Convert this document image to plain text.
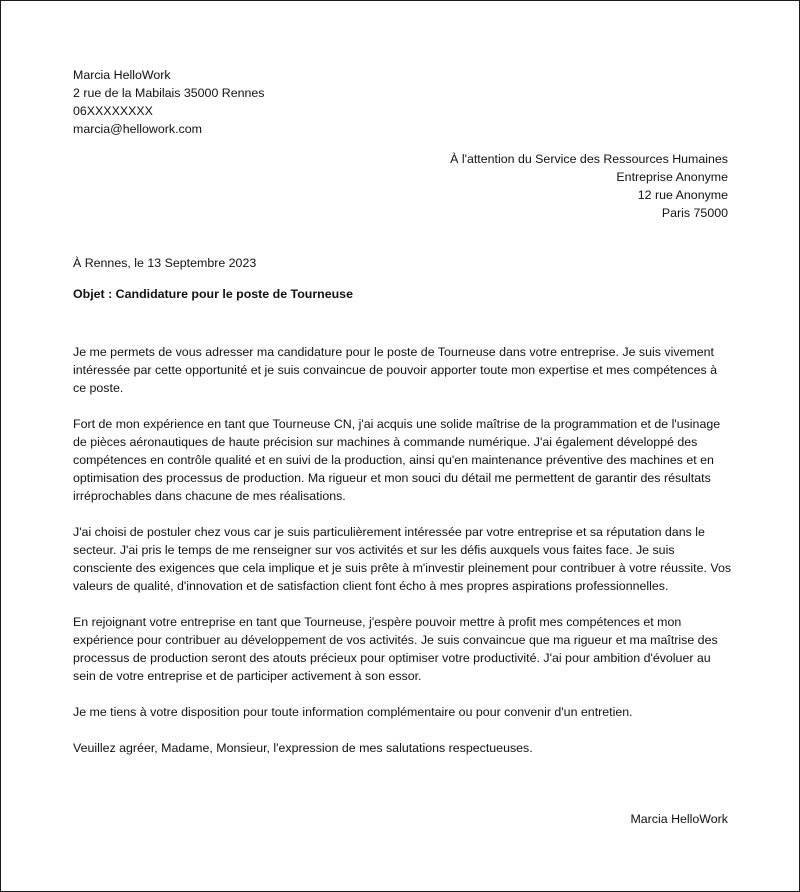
Marcia HelloWork
2 rue de la Mabilais 35000 Rennes
06XXXXXXXX
marcia@hellowork.com
À l'attention du Service des Ressources Humaines
Entreprise Anonyme
12 rue Anonyme
Paris 75000
À Rennes, le 13 Septembre 2023
Objet : Candidature pour le poste de Tourneuse

Je me permets de vous adresser ma candidature pour le poste de Tourneuse dans votre entreprise. Je suis vivement intéressée par cette opportunité et je suis convaincue de pouvoir apporter toute mon expertise et mes compétences à ce poste.

Fort de mon expérience en tant que Tourneuse CN, j'ai acquis une solide maîtrise de la programmation et de l'usinage de pièces aéronautiques de haute précision sur machines à commande numérique. J'ai également développé des compétences en contrôle qualité et en suivi de la production, ainsi qu'en maintenance préventive des machines et en optimisation des processus de production. Ma rigueur et mon souci du détail me permettent de garantir des résultats irréprochables dans chacune de mes réalisations.

J'ai choisi de postuler chez vous car je suis particulièrement intéressée par votre entreprise et sa réputation dans le secteur. J'ai pris le temps de me renseigner sur vos activités et sur les défis auxquels vous faites face. Je suis consciente des exigences que cela implique et je suis prête à m'investir pleinement pour contribuer à votre réussite. Vos valeurs de qualité, d'innovation et de satisfaction client font écho à mes propres aspirations professionnelles.

En rejoignant votre entreprise en tant que Tourneuse, j'espère pouvoir mettre à profit mes compétences et mon expérience pour contribuer au développement de vos activités. Je suis convaincue que ma rigueur et ma maîtrise des processus de production seront des atouts précieux pour optimiser votre productivité. J'ai pour ambition d'évoluer au sein de votre entreprise et de participer activement à son essor.

Je me tiens à votre disposition pour toute information complémentaire ou pour convenir d'un entretien.

Veuillez agréer, Madame, Monsieur, l'expression de mes salutations respectueuses.

Marcia HelloWork
